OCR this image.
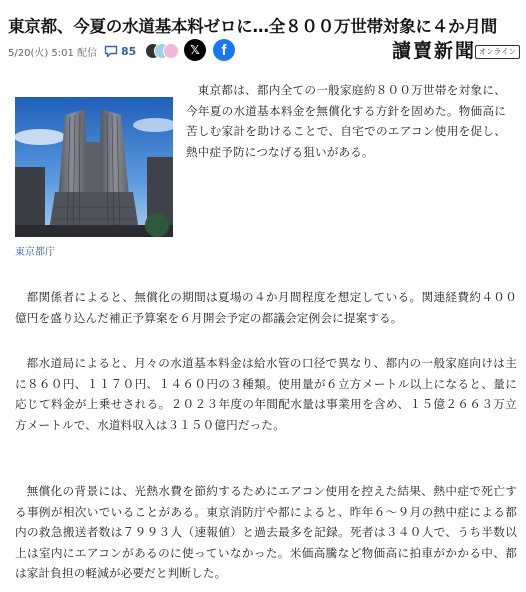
東京都、今夏の水道基本料ゼロに…全８００万世帯対象に４か月間
5/20(火) 5:01 配信 85	𝕏	f	讀賣新聞 オンライン
東京都庁

東京都は、都内全ての一般家庭約８００万世帯を対象に、今年夏の水道基本料金を無償化する方針を固めた。物価高に苦しむ家計を助けることで、自宅でのエアコン使用を促し、熱中症予防につなげる狙いがある。

都関係者によると、無償化の期間は夏場の４か月間程度を想定している。関連経費約４００億円を盛り込んだ補正予算案を６月開会予定の都議会定例会に提案する。

都水道局によると、月々の水道基本料金は給水管の口径で異なり、都内の一般家庭向けは主に８６０円、１１７０円、１４６０円の３種類。使用量が６立方メートル以上になると、量に応じて料金が上乗せされる。２０２３年度の年間配水量は事業用を含め、１５億２６６３万立方メートルで、水道料収入は３１５０億円だった。

無償化の背景には、光熱水費を節約するためにエアコン使用を控えた結果、熱中症で死亡する事例が相次いでいることがある。東京消防庁や都によると、昨年６～９月の熱中症による都内の救急搬送者数は７９９３人（速報値）と過去最多を記録。死者は３４０人で、うち半数以上は室内にエアコンがあるのに使っていなかった。米価高騰など物価高に拍車がかかる中、都は家計負担の軽減が必要だと判断した。
